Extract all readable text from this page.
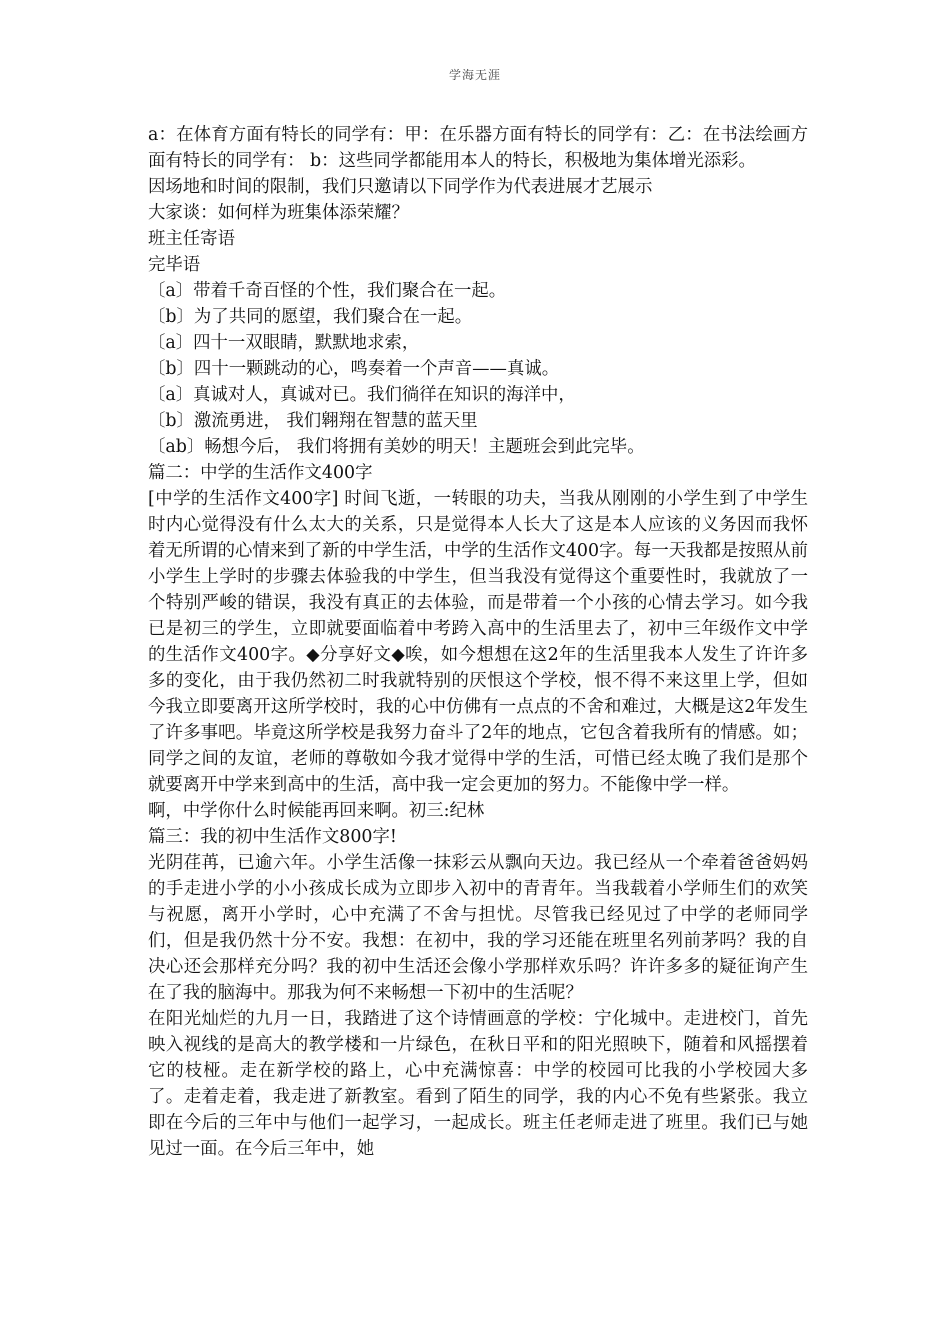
学海无涯

a：在体育方面有特长的同学有：甲：在乐器方面有特长的同学有：乙：在书法绘画方面有特长的同学有： b：这些同学都能用本人的特长，积极地为集体增光添彩。

因场地和时间的限制，我们只邀请以下同学作为代表进展才艺展示

大家谈：如何样为班集体添荣耀？

班主任寄语

完毕语

〔a〕带着千奇百怪的个性，我们聚合在一起。

〔b〕为了共同的愿望，我们聚合在一起。

〔a〕四十一双眼睛，默默地求索，

〔b〕四十一颗跳动的心，鸣奏着一个声音——真诚。

〔a〕真诚对人，真诚对已。我们徜徉在知识的海洋中，

〔b〕激流勇进， 我们翱翔在智慧的蓝天里

〔ab〕畅想今后， 我们将拥有美妙的明天！主题班会到此完毕。

篇二：中学的生活作文400字

[中学的生活作文400字] 时间飞逝，一转眼的功夫，当我从刚刚的小学生到了中学生时内心觉得没有什么太大的关系，只是觉得本人长大了这是本人应该的义务因而我怀着无所谓的心情来到了新的中学生活，中学的生活作文400字。每一天我都是按照从前小学生上学时的步骤去体验我的中学生，但当我没有觉得这个重要性时，我就放了一个特别严峻的错误，我没有真正的去体验，而是带着一个小孩的心情去学习。如今我已是初三的学生，立即就要面临着中考跨入高中的生活里去了，初中三年级作文中学的生活作文400字。◆分享好文◆唉，如今想想在这2年的生活里我本人发生了许许多多的变化，由于我仍然初二时我就特别的厌恨这个学校，恨不得不来这里上学，但如今我立即要离开这所学校时，我的心中仿佛有一点点的不舍和难过，大概是这2年发生了许多事吧。毕竟这所学校是我努力奋斗了2年的地点，它包含着我所有的情感。如；同学之间的友谊，老师的尊敬如今我才觉得中学的生活，可惜已经太晚了我们是那个就要离开中学来到高中的生活，高中我一定会更加的努力。不能像中学一样。

啊，中学你什么时候能再回来啊。初三:纪林

篇三：我的初中生活作文800字!

光阴荏苒，已逾六年。小学生活像一抹彩云从飘向天边。我已经从一个牵着爸爸妈妈的手走进小学的小小孩成长成为立即步入初中的青青年。当我载着小学师生们的欢笑与祝愿，离开小学时，心中充满了不舍与担忧。尽管我已经见过了中学的老师同学们，但是我仍然十分不安。我想：在初中，我的学习还能在班里名列前茅吗？我的自决心还会那样充分吗？我的初中生活还会像小学那样欢乐吗？许许多多的疑征询产生在了我的脑海中。那我为何不来畅想一下初中的生活呢？

在阳光灿烂的九月一日，我踏进了这个诗情画意的学校：宁化城中。走进校门，首先映入视线的是高大的教学楼和一片绿色，在秋日平和的阳光照映下，随着和风摇摆着它的枝桠。走在新学校的路上，心中充满惊喜：中学的校园可比我的小学校园大多了。走着走着，我走进了新教室。看到了陌生的同学，我的内心不免有些紧张。我立即在今后的三年中与他们一起学习，一起成长。班主任老师走进了班里。我们已与她见过一面。在今后三年中，她
